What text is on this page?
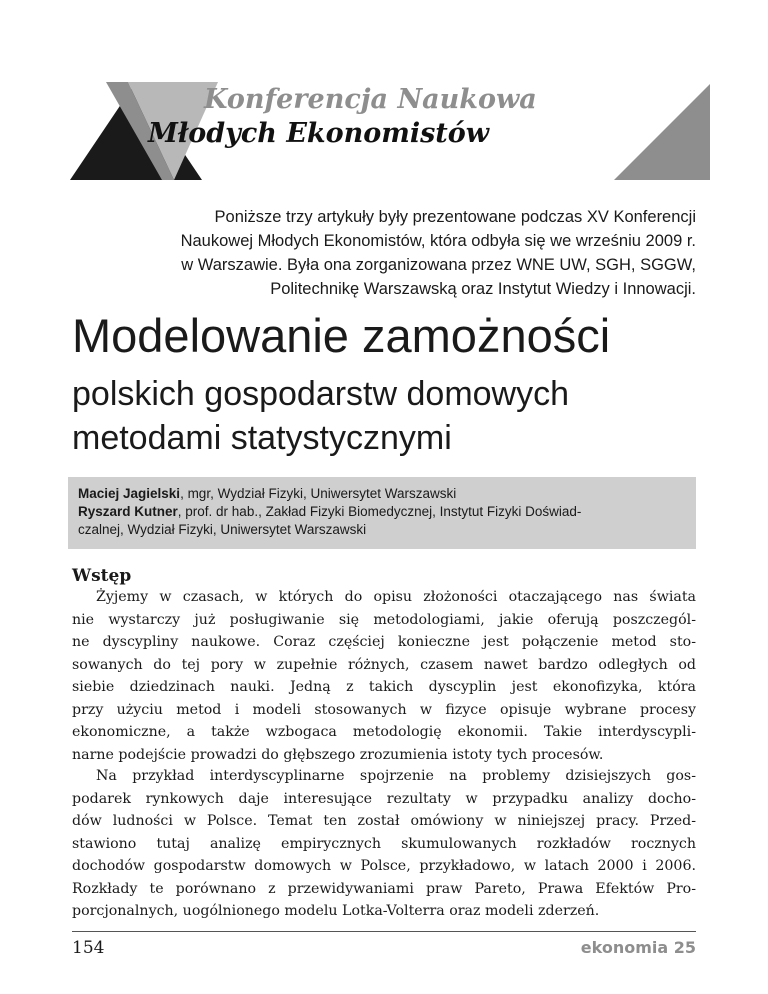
Konferencja Naukowa
Młodych Ekonomistów
Poniższe trzy artykuły były prezentowane podczas XV Konferencji
Naukowej Młodych Ekonomistów, która odbyła się we wrześniu 2009 r.
w Warszawie. Była ona zorganizowana przez WNE UW, SGH, SGGW,
Politechnikę Warszawską oraz Instytut Wiedzy i Innowacji.
Modelowanie zamożności
polskich gospodarstw domowych
metodami statystycznymi

Maciej Jagielski, mgr, Wydział Fizyki, Uniwersytet Warszawski

Ryszard Kutner, prof. dr hab., Zakład Fizyki Biomedycznej, Instytut Fizyki Doświad-

czalnej, Wydział Fizyki, Uniwersytet Warszawski

Wstęp
Żyjemy w czasach, w których do opisu złożoności otaczającego nas świata
nie wystarczy już posługiwanie się metodologiami, jakie oferują poszczegól-
ne dyscypliny naukowe. Coraz częściej konieczne jest połączenie metod sto-
sowanych do tej pory w zupełnie różnych, czasem nawet bardzo odległych od
siebie dziedzinach nauki. Jedną z takich dyscyplin jest ekonofizyka, która
przy użyciu metod i modeli stosowanych w fizyce opisuje wybrane procesy
ekonomiczne, a także wzbogaca metodologię ekonomii. Takie interdyscypli-
narne podejście prowadzi do głębszego zrozumienia istoty tych procesów.
Na przykład interdyscyplinarne spojrzenie na problemy dzisiejszych gos-
podarek rynkowych daje interesujące rezultaty w przypadku analizy docho-
dów ludności w Polsce. Temat ten został omówiony w niniejszej pracy. Przed-
stawiono tutaj analizę empirycznych skumulowanych rozkładów rocznych
dochodów gospodarstw domowych w Polsce, przykładowo, w latach 2000 i 2006.
Rozkłady te porównano z przewidywaniami praw Pareto, Prawa Efektów Pro-
porcjonalnych, uogólnionego modelu Lotka-Volterra oraz modeli zderzeń.
154	ekonomia 25
